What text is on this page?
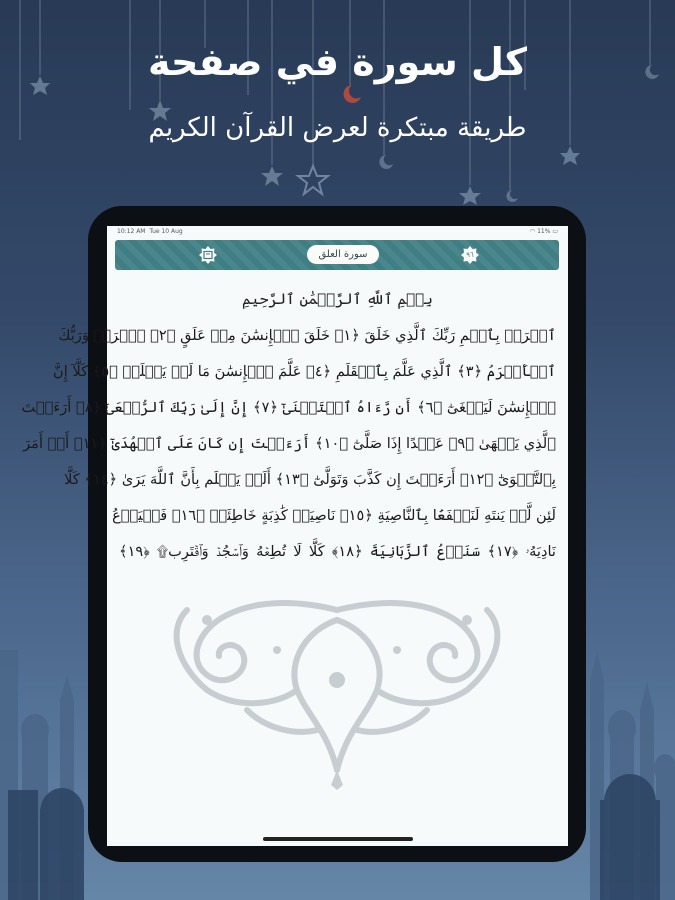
كل سورة في صفحة
طريقة مبتكرة لعرض القرآن الكريم
10:12 AM Tue 10 Aug	◠ 11% ▭
سورة العلق	٩٦
بِسۡمِ ٱللَّهِ ٱلرَّحۡمَٰنِ ٱلرَّحِيمِ
ٱقۡرَأۡ بِٱسۡمِ رَبِّكَ ٱلَّذِي خَلَقَ ﴿١﴾ خَلَقَ ٱلۡإِنسَٰنَ مِنۡ عَلَقٍ ﴿٢﴾ ٱقۡرَأۡ وَرَبُّكَ
ٱلۡأَكۡرَمُ ﴿٣﴾ ٱلَّذِي عَلَّمَ بِٱلۡقَلَمِ ﴿٤﴾ عَلَّمَ ٱلۡإِنسَٰنَ مَا لَمۡ يَعۡلَمۡ ﴿٥﴾ كَلَّآ إِنَّ
ٱلۡإِنسَٰنَ لَيَطۡغَىٰٓ ﴿٦﴾ أَن رَّءَاهُ ٱسۡتَغۡنَىٰٓ ﴿٧﴾ إِنَّ إِلَىٰ رَبِّكَ ٱلرُّجۡعَىٰٓ ﴿٨﴾ أَرَءَيۡتَ
ٱلَّذِي يَنۡهَىٰ ﴿٩﴾ عَبۡدًا إِذَا صَلَّىٰٓ ﴿١٠﴾ أَرَءَيۡتَ إِن كَانَ عَلَى ٱلۡهُدَىٰٓ ﴿١١﴾ أَوۡ أَمَرَ
بِٱلتَّقۡوَىٰٓ ﴿١٢﴾ أَرَءَيۡتَ إِن كَذَّبَ وَتَوَلَّىٰٓ ﴿١٣﴾ أَلَمۡ يَعۡلَم بِأَنَّ ٱللَّهَ يَرَىٰ ﴿١٤﴾ كَلَّا
لَئِن لَّمۡ يَنتَهِ لَنَسۡفَعَۢا بِٱلنَّاصِيَةِ ﴿١٥﴾ نَاصِيَةٖ كَٰذِبَةٍ خَاطِئَةٖ ﴿١٦﴾ فَلۡيَدۡعُ
نَادِيَهُۥ ﴿١٧﴾ سَنَدۡعُ ٱلزَّبَانِيَةَ ﴿١٨﴾ كَلَّا لَا تُطِعۡهُ وَٱسۡجُدۡ وَٱقۡتَرِب۩ ﴿١٩﴾
